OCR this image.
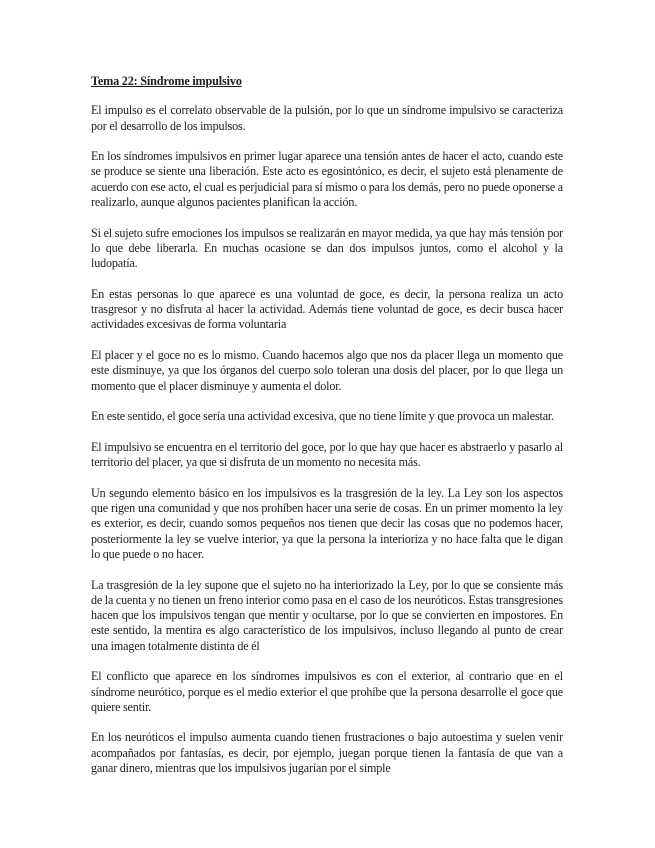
Tema 22: Síndrome impulsivo

El impulso es el correlato observable de la pulsión, por lo que un síndrome impulsivo se caracteriza por el desarrollo de los impulsos.

En los síndromes impulsivos en primer lugar aparece una tensión antes de hacer el acto, cuando este se produce se siente una liberación. Este acto es egosintónico, es decir, el sujeto está plenamente de acuerdo con ese acto, el cual es perjudicial para sí mismo o para los demás, pero no puede oponerse a realizarlo, aunque algunos pacientes planifican la acción.

Si el sujeto sufre emociones los impulsos se realizarán en mayor medida, ya que hay más tensión por lo que debe liberarla. En muchas ocasione se dan dos impulsos juntos, como el alcohol y la ludopatía.

En estas personas lo que aparece es una voluntad de goce, es decir, la persona realiza un acto trasgresor y no disfruta al hacer la actividad. Además tiene voluntad de goce, es decir busca hacer actividades excesivas de forma voluntaria

El placer y el goce no es lo mismo. Cuando hacemos algo que nos da placer llega un momento que este disminuye, ya que los órganos del cuerpo solo toleran una dosis del placer, por lo que llega un momento que el placer disminuye y aumenta el dolor.

En este sentido, el goce sería una actividad excesiva, que no tiene límite y que provoca un malestar.

El impulsivo se encuentra en el territorio del goce, por lo que hay que hacer es abstraerlo y pasarlo al territorio del placer, ya que si disfruta de un momento no necesita más.

Un segundo elemento básico en los impulsivos es la trasgresión de la ley. La Ley son los aspectos que rigen una comunidad y que nos prohíben hacer una serie de cosas. En un primer momento la ley es exterior, es decir, cuando somos pequeños nos tienen que decir las cosas que no podemos hacer, posteriormente la ley se vuelve interior, ya que la persona la interioriza y no hace falta que le digan lo que puede o no hacer.

La trasgresión de la ley supone que el sujeto no ha interiorizado la Ley, por lo que se consiente más de la cuenta y no tienen un freno interior como pasa en el caso de los neuróticos. Estas transgresiones hacen que los impulsivos tengan que mentir y ocultarse, por lo que se convierten en impostores. En este sentido, la mentira es algo característico de los impulsivos, incluso llegando al punto de crear una imagen totalmente distinta de él

El conflicto que aparece en los síndromes impulsivos es con el exterior, al contrario que en el síndrome neurótico, porque es el medio exterior el que prohíbe que la persona desarrolle el goce que quiere sentir.

En los neuróticos el impulso aumenta cuando tienen frustraciones o bajo autoestima y suelen venir acompañados por fantasías, es decir, por ejemplo, juegan porque tienen la fantasía de que van a ganar dinero, mientras que los impulsivos jugarían por el simple
